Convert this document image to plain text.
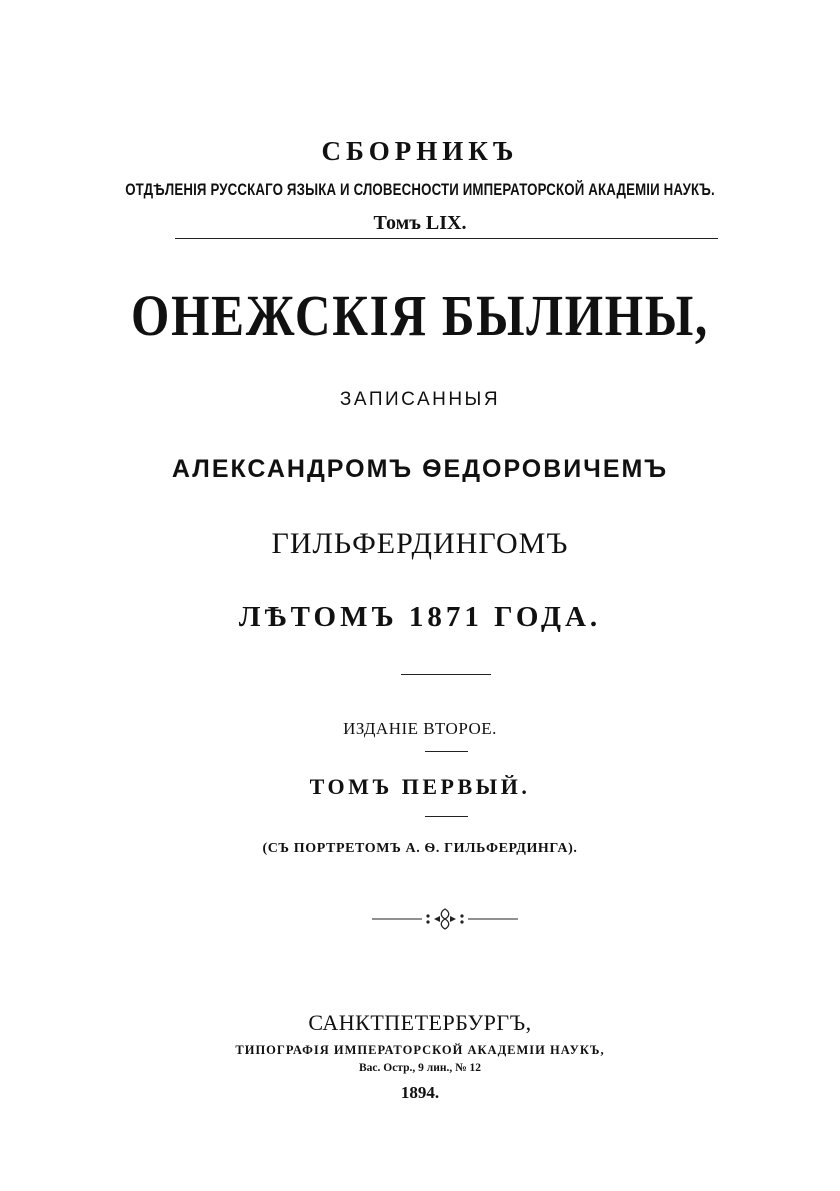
СБОРНИКЪ
ОТДѢЛЕНІЯ РУССКАГО ЯЗЫКА И СЛОВЕСНОСТИ ИМПЕРАТОРСКОЙ АКАДЕМІИ НАУКЪ.
Томъ LIX.
ОНЕЖСКІЯ БЫЛИНЫ,
ЗАПИСАННЫЯ
АЛЕКСАНДРОМЪ ѲЕДОРОВИЧЕМЪ
ГИЛЬФЕРДИНГОМЪ
ЛѢТОМЪ 1871 ГОДА.
ИЗДАНІЕ ВТОРОЕ.
ТОМЪ ПЕРВЫЙ.
(СЪ ПОРТРЕТОМЪ А. Ѳ. ГИЛЬФЕРДИНГА).
САНКТПЕТЕРБУРГЪ,
ТИПОГРАФІЯ ИМПЕРАТОРСКОЙ АКАДЕМІИ НАУКЪ,
Вас. Остр., 9 лин., № 12
1894.
